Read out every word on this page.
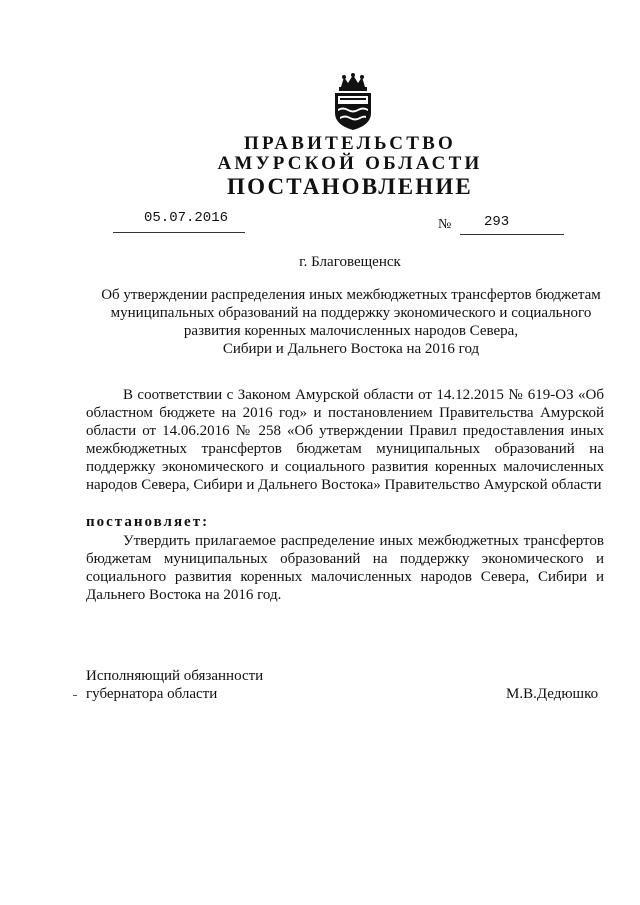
ПРАВИТЕЛЬСТВО
АМУРСКОЙ ОБЛАСТИ
ПОСТАНОВЛЕНИЕ
05.07.2016	№ 293
г. Благовещенск
Об утверждении распределения иных межбюджетных трансфертов бюджетам
муниципальных образований на поддержку экономического и социального
развития коренных малочисленных народов Севера,
Сибири и Дальнего Востока на 2016 год
В соответствии с Законом Амурской области от 14.12.2015 № 619-ОЗ «Об областном бюджете на 2016 год» и постановлением Правительства Амурской области от 14.06.2016 № 258 «Об утверждении Правил предоставления иных межбюджетных трансфертов бюджетам муниципальных образований на поддержку экономического и социального развития коренных малочисленных народов Севера, Сибири и Дальнего Востока» Правительство Амурской области
постановляет:
Утвердить прилагаемое распределение иных межбюджетных трансфертов бюджетам муниципальных образований на поддержку экономического и социального развития коренных малочисленных народов Севера, Сибири и Дальнего Востока на 2016 год.
Исполняющий обязанности
губернатора области	М.В.Дедюшко
